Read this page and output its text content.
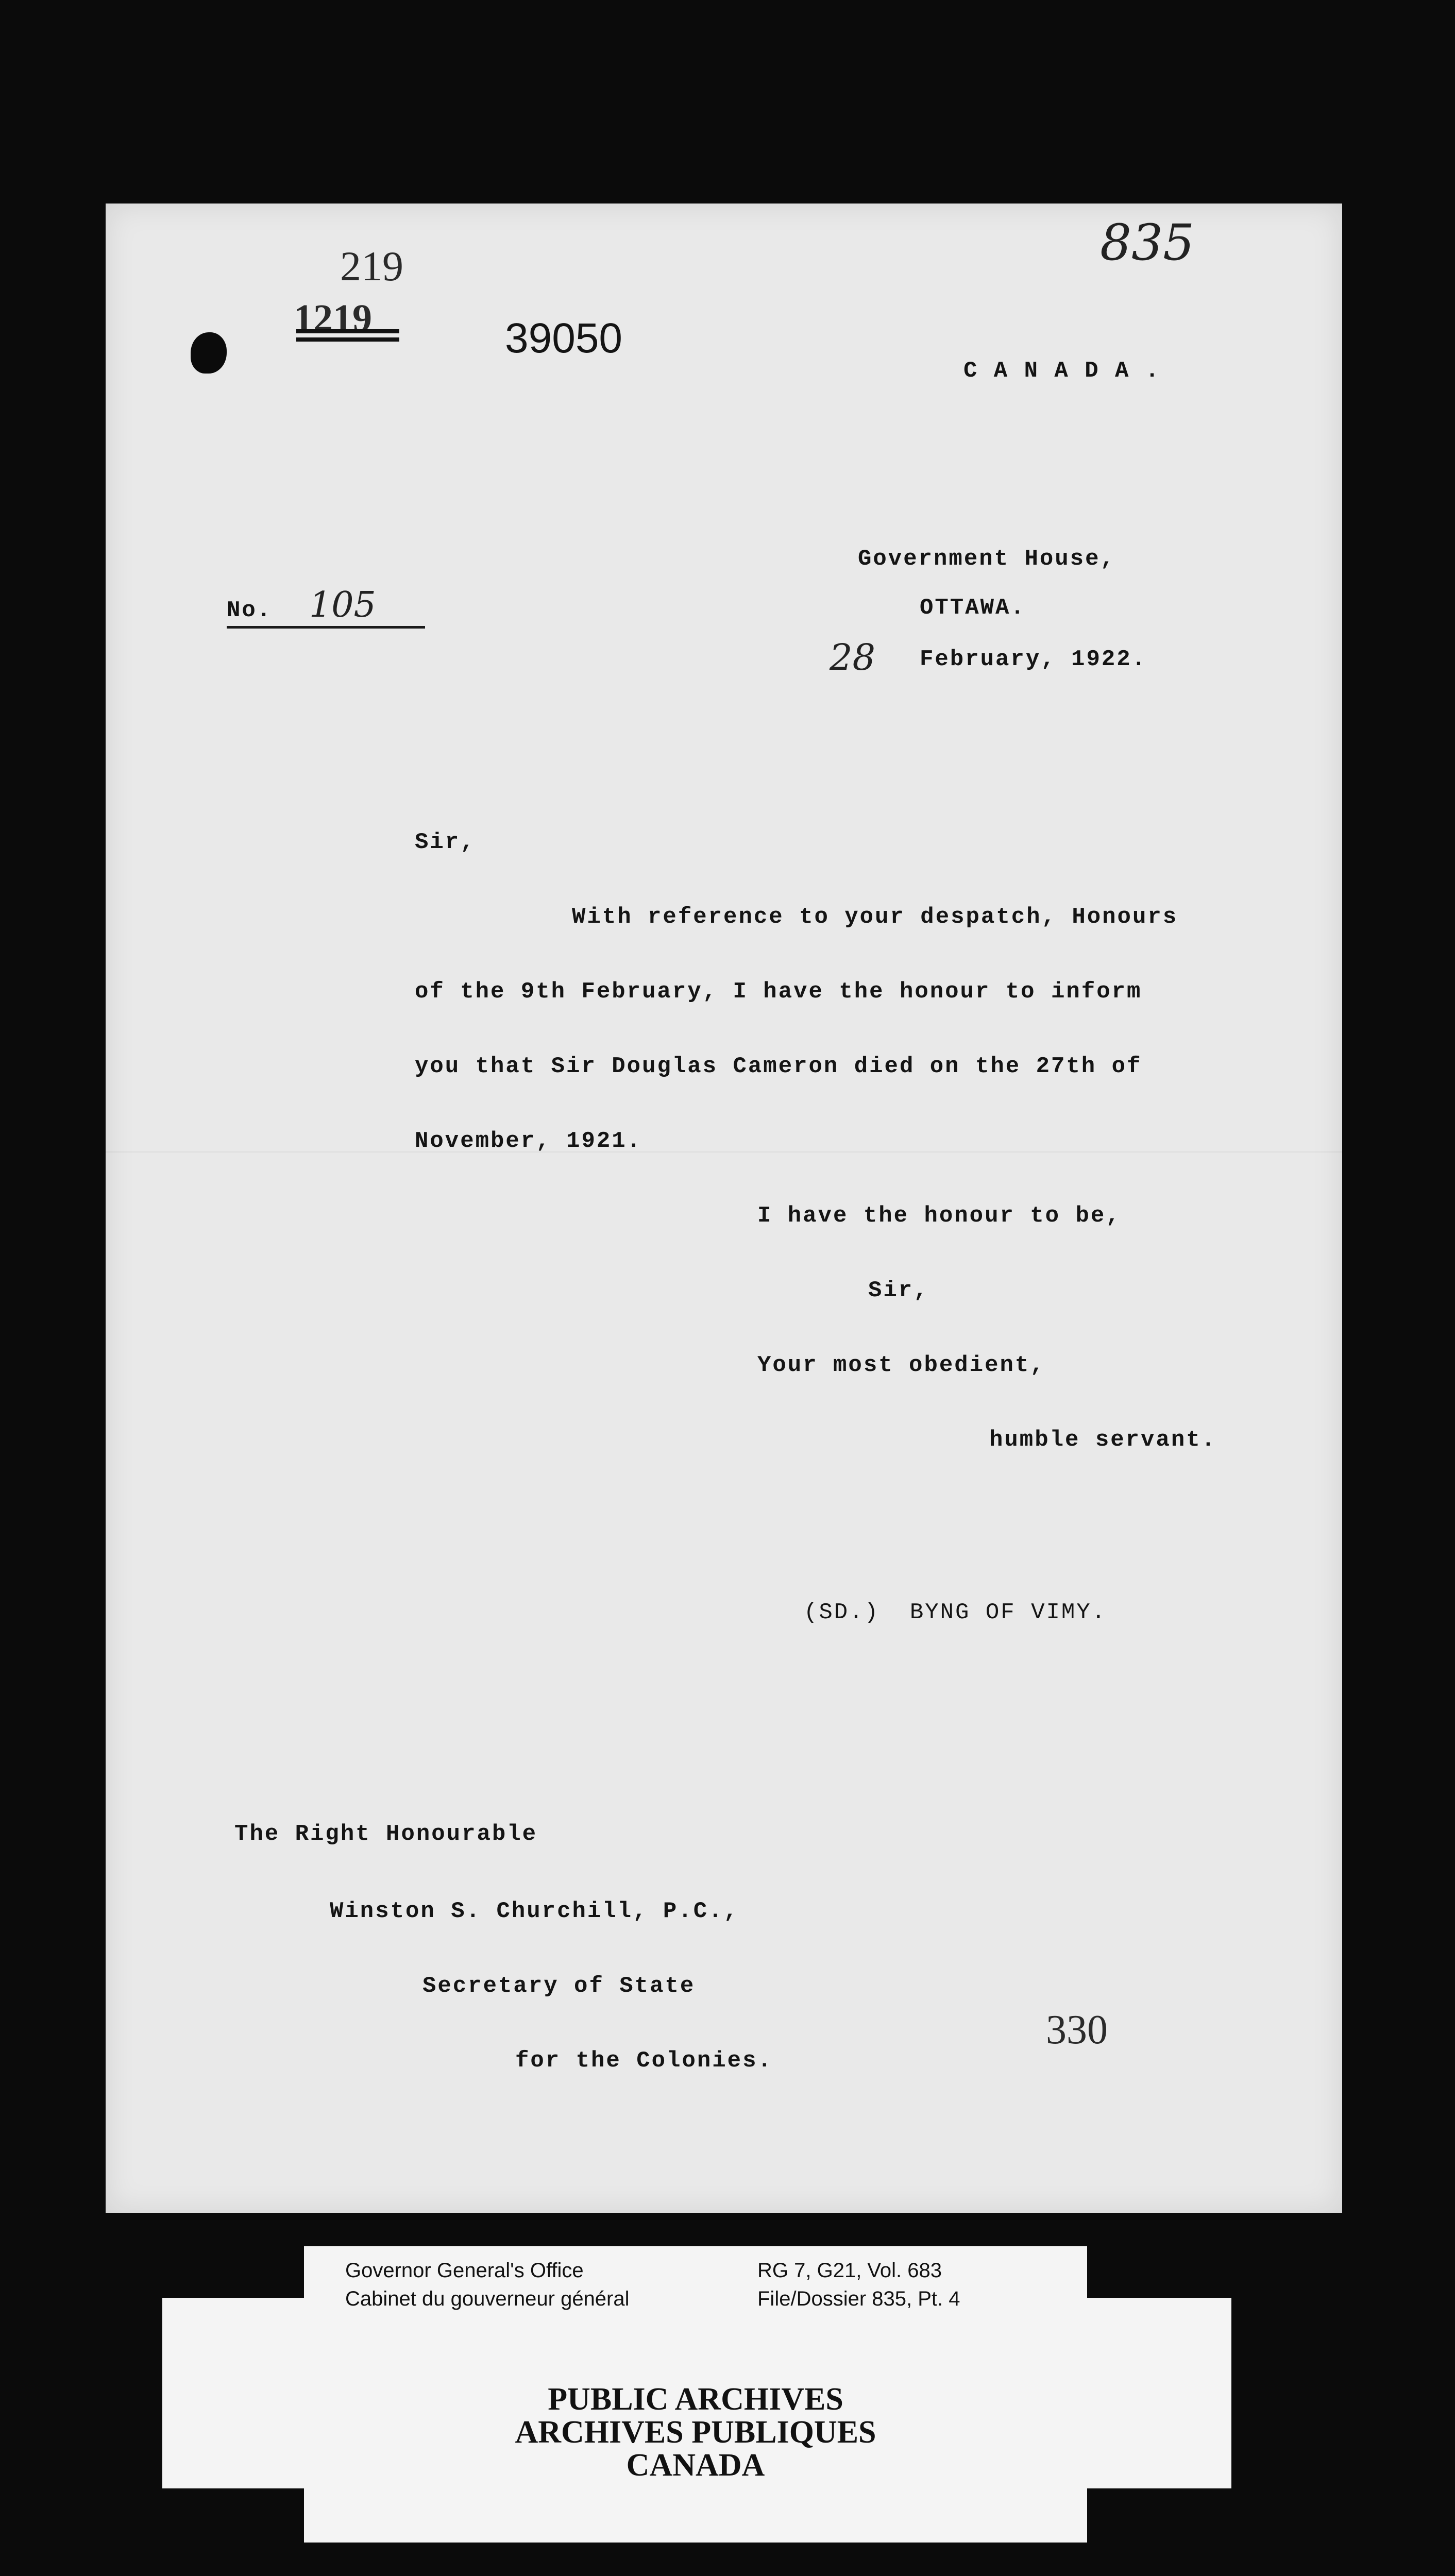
219
1219	39050
835
C A N A D A .
Government House,
OTTAWA.
28 February, 1922.
No. 105
Sir,
With reference to your despatch, Honours
of the 9th February, I have the honour to inform
you that Sir Douglas Cameron died on the 27th of
November, 1921.
I have the honour to be,
Sir,
Your most obedient,
humble servant.
(SD.)  BYNG OF VIMY.
The Right Honourable
Winston S. Churchill, P.C.,
Secretary of State
for the Colonies.
330
Governor General's Office
Cabinet du gouverneur général
RG 7, G21, Vol. 683
File/Dossier 835, Pt. 4
PUBLIC ARCHIVES
ARCHIVES PUBLIQUES
CANADA
